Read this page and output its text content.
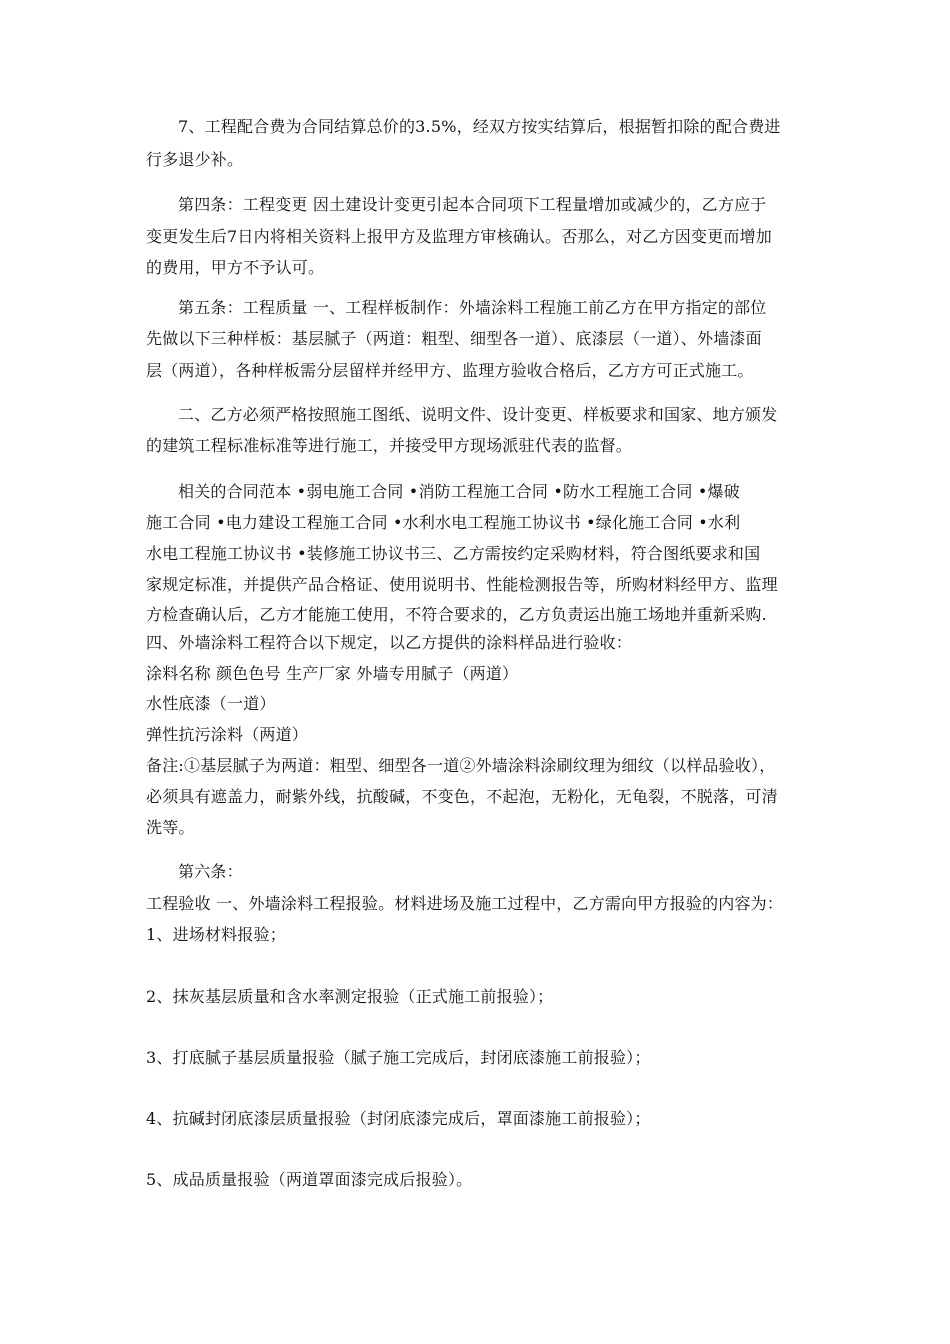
7、工程配合费为合同结算总价的3.5%，经双方按实结算后，根据暂扣除的配合费进
行多退少补。
第四条：工程变更 因土建设计变更引起本合同项下工程量增加或减少的，乙方应于
变更发生后7日内将相关资料上报甲方及监理方审核确认。否那么，对乙方因变更而增加
的费用，甲方不予认可。
第五条：工程质量 一、工程样板制作：外墙涂料工程施工前乙方在甲方指定的部位
先做以下三种样板：基层腻子（两道：粗型、细型各一道）、底漆层（一道）、外墙漆面
层（两道），各种样板需分层留样并经甲方、监理方验收合格后，乙方方可正式施工。
二、乙方必须严格按照施工图纸、说明文件、设计变更、样板要求和国家、地方颁发
的建筑工程标准标准等进行施工，并接受甲方现场派驻代表的监督。
相关的合同范本 •弱电施工合同 •消防工程施工合同 •防水工程施工合同 •爆破
施工合同 •电力建设工程施工合同 •水利水电工程施工协议书 •绿化施工合同 •水利
水电工程施工协议书 •装修施工协议书三、乙方需按约定采购材料，符合图纸要求和国
家规定标准，并提供产品合格证、使用说明书、性能检测报告等，所购材料经甲方、监理
方检查确认后，乙方才能施工使用，不符合要求的，乙方负责运出施工场地并重新采购.
四、外墙涂料工程符合以下规定，以乙方提供的涂料样品进行验收：
涂料名称 颜色色号 生产厂家 外墙专用腻子（两道）
水性底漆（一道）
弹性抗污涂料（两道）
备注:①基层腻子为两道：粗型、细型各一道②外墙涂料涂刷纹理为细纹（以样品验收），
必须具有遮盖力，耐紫外线，抗酸碱，不变色，不起泡，无粉化，无龟裂，不脱落，可清
洗等。
第六条：
工程验收 一、外墙涂料工程报验。材料进场及施工过程中，乙方需向甲方报验的内容为：
1、进场材料报验；
2、抹灰基层质量和含水率测定报验（正式施工前报验）；
3、打底腻子基层质量报验（腻子施工完成后，封闭底漆施工前报验）；
4、抗碱封闭底漆层质量报验（封闭底漆完成后，罩面漆施工前报验）；
5、成品质量报验（两道罩面漆完成后报验）。
